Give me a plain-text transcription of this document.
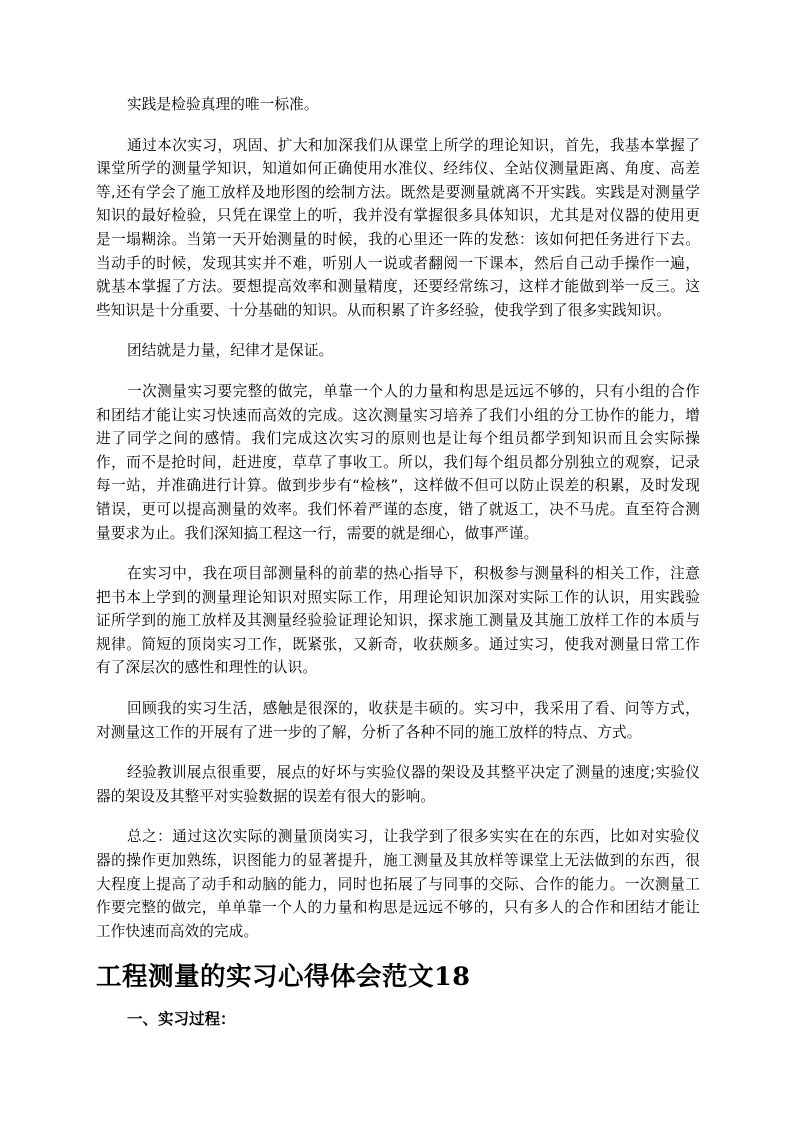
实践是检验真理的唯一标准。

通过本次实习，巩固、扩大和加深我们从课堂上所学的理论知识，首先，我基本掌握了课堂所学的测量学知识，知道如何正确使用水准仪、经纬仪、全站仪测量距离、角度、高差等,还有学会了施工放样及地形图的绘制方法。既然是要测量就离不开实践。实践是对测量学知识的最好检验，只凭在课堂上的听，我并没有掌握很多具体知识，尤其是对仪器的使用更是一塌糊涂。当第一天开始测量的时候，我的心里还一阵的发愁：该如何把任务进行下去。当动手的时候，发现其实并不难，听别人一说或者翻阅一下课本，然后自己动手操作一遍，就基本掌握了方法。要想提高效率和测量精度，还要经常练习，这样才能做到举一反三。这些知识是十分重要、十分基础的知识。从而积累了许多经验，使我学到了很多实践知识。

团结就是力量，纪律才是保证。

一次测量实习要完整的做完，单靠一个人的力量和构思是远远不够的，只有小组的合作和团结才能让实习快速而高效的完成。这次测量实习培养了我们小组的分工协作的能力，增进了同学之间的感情。我们完成这次实习的原则也是让每个组员都学到知识而且会实际操作，而不是抢时间，赶进度，草草了事收工。所以，我们每个组员都分别独立的观察，记录每一站，并准确进行计算。做到步步有“检核”，这样做不但可以防止误差的积累，及时发现错误，更可以提高测量的效率。我们怀着严谨的态度，错了就返工，决不马虎。直至符合测量要求为止。我们深知搞工程这一行，需要的就是细心，做事严谨。

在实习中，我在项目部测量科的前辈的热心指导下，积极参与测量科的相关工作，注意把书本上学到的测量理论知识对照实际工作，用理论知识加深对实际工作的认识，用实践验证所学到的施工放样及其测量经验验证理论知识，探求施工测量及其施工放样工作的本质与规律。简短的顶岗实习工作，既紧张，又新奇，收获颇多。通过实习，使我对测量日常工作有了深层次的感性和理性的认识。

回顾我的实习生活，感触是很深的，收获是丰硕的。实习中，我采用了看、问等方式，对测量这工作的开展有了进一步的了解，分析了各种不同的施工放样的特点、方式。

经验教训展点很重要，展点的好坏与实验仪器的架设及其整平决定了测量的速度;实验仪器的架设及其整平对实验数据的误差有很大的影响。

总之：通过这次实际的测量顶岗实习，让我学到了很多实实在在的东西，比如对实验仪器的操作更加熟练，识图能力的显著提升，施工测量及其放样等课堂上无法做到的东西，很大程度上提高了动手和动脑的能力，同时也拓展了与同事的交际、合作的能力。一次测量工作要完整的做完，单单靠一个人的力量和构思是远远不够的，只有多人的合作和团结才能让工作快速而高效的完成。

工程测量的实习心得体会范文18
一、实习过程：
